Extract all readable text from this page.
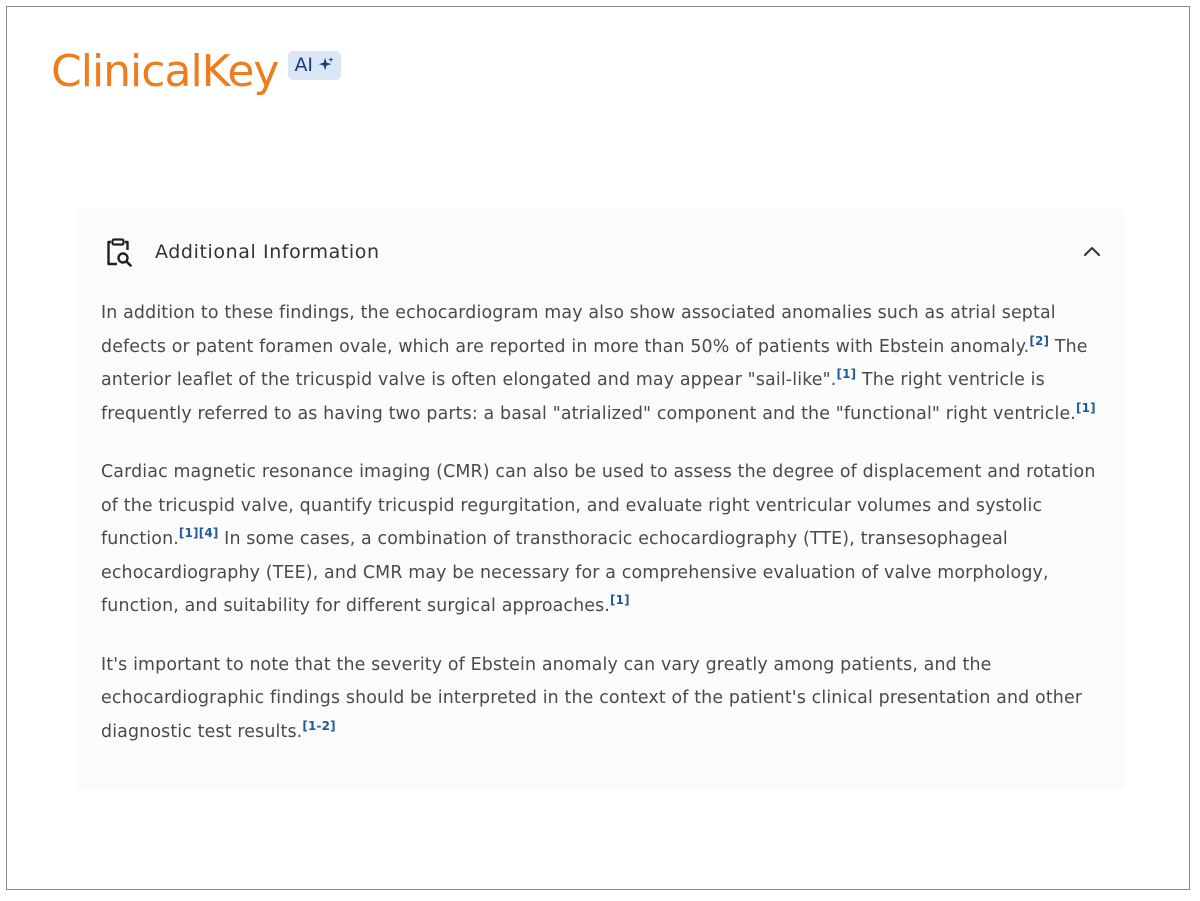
ClinicalKey AI
Additional Information

In addition to these findings, the echocardiogram may also show associated anomalies such as atrial septal defects or patent foramen ovale, which are reported in more than 50% of patients with Ebstein anomaly.[2] The anterior leaflet of the tricuspid valve is often elongated and may appear "sail-like".[1] The right ventricle is frequently referred to as having two parts: a basal "atrialized" component and the "functional" right ventricle.[1]

Cardiac magnetic resonance imaging (CMR) can also be used to assess the degree of displacement and rotation of the tricuspid valve, quantify tricuspid regurgitation, and evaluate right ventricular volumes and systolic function.[1][4] In some cases, a combination of transthoracic echocardiography (TTE), transesophageal echocardiography (TEE), and CMR may be necessary for a comprehensive evaluation of valve morphology, function, and suitability for different surgical approaches.[1]

It's important to note that the severity of Ebstein anomaly can vary greatly among patients, and the echocardiographic findings should be interpreted in the context of the patient's clinical presentation and other diagnostic test results.[1-2]
